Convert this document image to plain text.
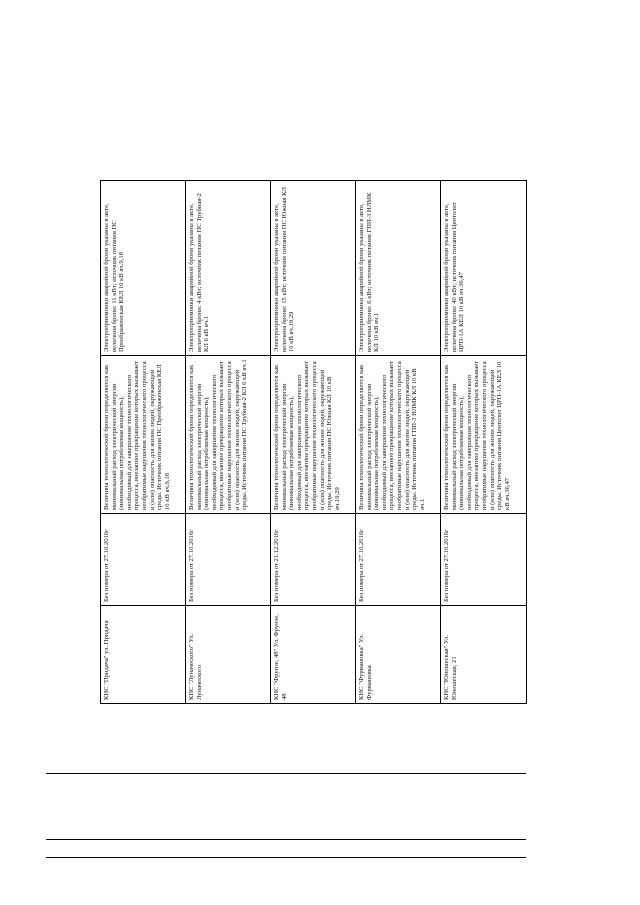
КНС "Придача" ул. Придача
Без номера от 27.10.2016г
Величина технологической брони определяется как минимальный расход электрической энергии (минимальная потребляемая мощность), необходимый для завершения технологического процесса, внезапное прекращение которых вызывает необратимые нарушения технологического процесса и (или) опасность для жизни людей, окружающей среды. Источник питания ПС Преображенская КЕЛ 10 кВ яч.9,18
Электроприемники аварийной брони указаны в акте, величина брони: 11 кВт; источник питания ПС Преображенская КЕЛ 10 кВ яч.9,18
КНС "Луначеского" Ул. Луначеского
Без номера от 27.10.2016г
Величина технологической брони определяется как минимальный расход электрической энергии (минимальная потребляемая мощность), необходимый для завершения технологического процесса, внезапное прекращение которых вызывает необратимые нарушения технологического процесса и (или) опасность для жизни людей, окружающей среды. Источник питания ПС Трубная-2 КЛ 6 кВ яч.1
Электроприемники аварийной брони указаны в акте, величина брони: 4 кВт; источник питания ПС Трубная-2 КЛ 6 кВ яч.1
КНС "Фрунзе, 48" Ул. Фрунзе, 48
Без номера от 21.12.2016г
Величина технологической брони определяется как минимальный расход электрической энергии (минимальная потребляемая мощность), необходимый для завершения технологического процесса, внезапное прекращение которых вызывает необратимые нарушения технологического процесса и (или) опасность для жизни людей, окружающей среды. Источник питания ПС Южная КЛ 10 кВ яч.19,29
Электроприемники аварийной брони указаны в акте, величина брони: 15 кВт; источник питания ПС Южная КЛ 10 кВ яч.19,29
КНС "Фурмановка" Ул. Фурмановка
Без номера от 27.10.2016г
Величина технологической брони определяется как минимальный расход электрической энергии (минимальная потребляемая мощность), необходимый для завершения технологического процесса, внезапное прекращение которых вызывает необратимые нарушения технологического процесса и (или) опасность для жизни людей, окружающей среды. Источник питания ГПП-3 НЛМК КЛ 10 кВ яч.1
Электроприемники аварийной брони указаны в акте, величина брони: 6 кВт; источник питания ГПП-3 НЛМК КЛ 10 кВ яч.1
КНС "Юношеская" Ул. Юношеская, 21
Без номера от 27.10.2016г
Величина технологической брони определяется как минимальный расход электрической энергии (минимальная потребляемая мощность), необходимый для завершения технологического процесса, внезапное прекращение которых вызывает необратимые нарушения технологического процесса и (или) опасность для жизни людей, окружающей среды. Источник питания Центолит ЦРП-1А КЕЛ 10 кВ яч.36,47
Электроприемники аварийной брони указаны в акте, величина брони: 40 кВт; источник питания Центолит ЦРП-1А КЕЛ 10 кВ яч.36,47
